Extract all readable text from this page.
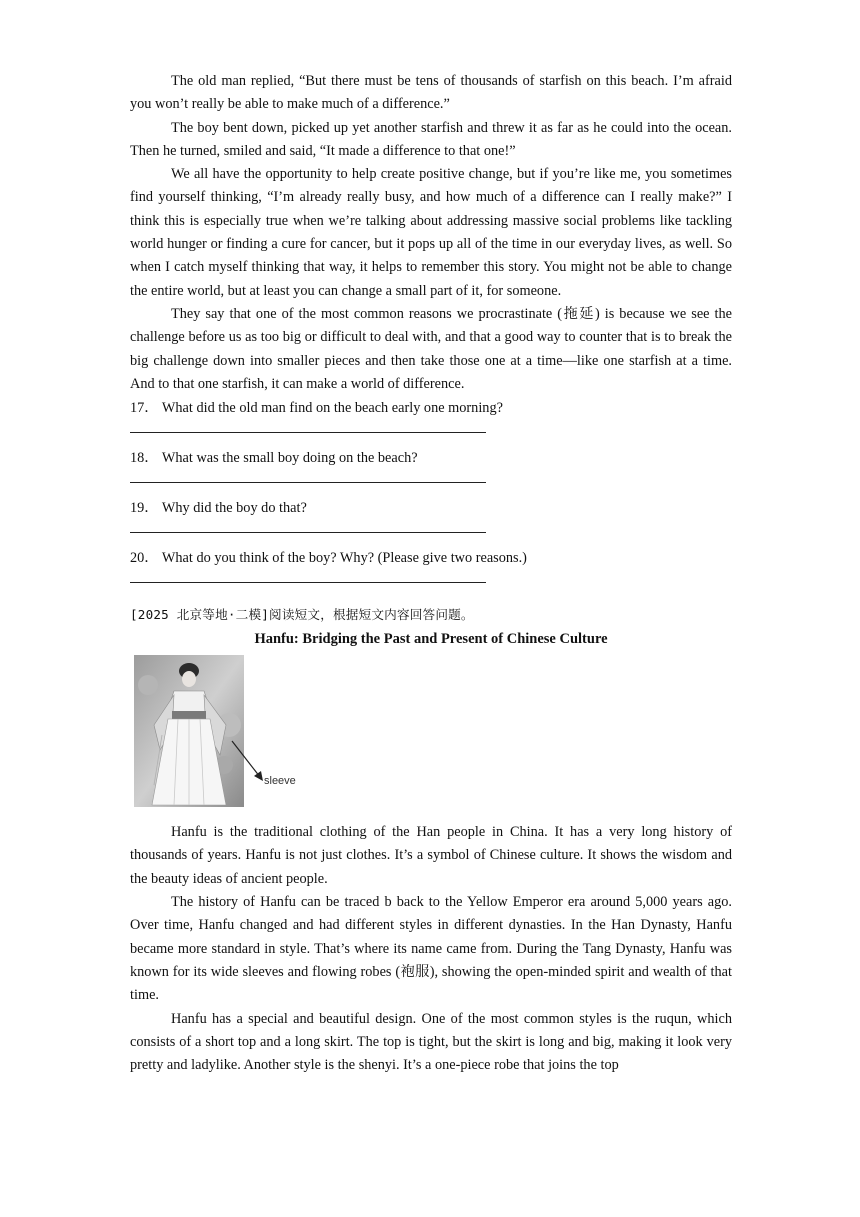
The old man replied, “But there must be tens of thousands of starfish on this beach. I’m afraid you won’t really be able to make much of a difference.”

The boy bent down, picked up yet another starfish and threw it as far as he could into the ocean. Then he turned, smiled and said, “It made a difference to that one!”

We all have the opportunity to help create positive change, but if you’re like me, you sometimes find yourself thinking, “I’m already really busy, and how much of a difference can I really make?” I think this is especially true when we’re talking about addressing massive social problems like tackling world hunger or finding a cure for cancer, but it pops up all of the time in our everyday lives, as well. So when I catch myself thinking that way, it helps to remember this story. You might not be able to change the entire world, but at least you can change a small part of it, for someone.

They say that one of the most common reasons we procrastinate (拖延) is because we see the challenge before us as too big or difficult to deal with, and that a good way to counter that is to break the big challenge down into smaller pieces and then take those one at a time—like one starfish at a time. And to that one starfish, it can make a world of difference.

17． What did the old man find on the beach early one morning?

18． What was the small boy doing on the beach?

19． Why did the boy do that?

20． What do you think of the boy? Why? (Please give two reasons.)

[2025 北京等地·二模]阅读短文，根据短文内容回答问题。
Hanfu: Bridging the Past and Present of Chinese Culture
sleeve

Hanfu is the traditional clothing of the Han people in China. It has a very long history of thousands of years. Hanfu is not just clothes. It’s a symbol of Chinese culture. It shows the wisdom and the beauty ideas of ancient people.

The history of Hanfu can be traced b back to the Yellow Emperor era around 5,000 years ago. Over time, Hanfu changed and had different styles in different dynasties. In the Han Dynasty, Hanfu became more standard in style. That’s where its name came from. During the Tang Dynasty, Hanfu was known for its wide sleeves and flowing robes (袍服), showing the open-minded spirit and wealth of that time.

Hanfu has a special and beautiful design. One of the most common styles is the ruqun, which consists of a short top and a long skirt. The top is tight, but the skirt is long and big, making it look very pretty and ladylike. Another style is the shenyi. It’s a one-piece robe that joins the top
